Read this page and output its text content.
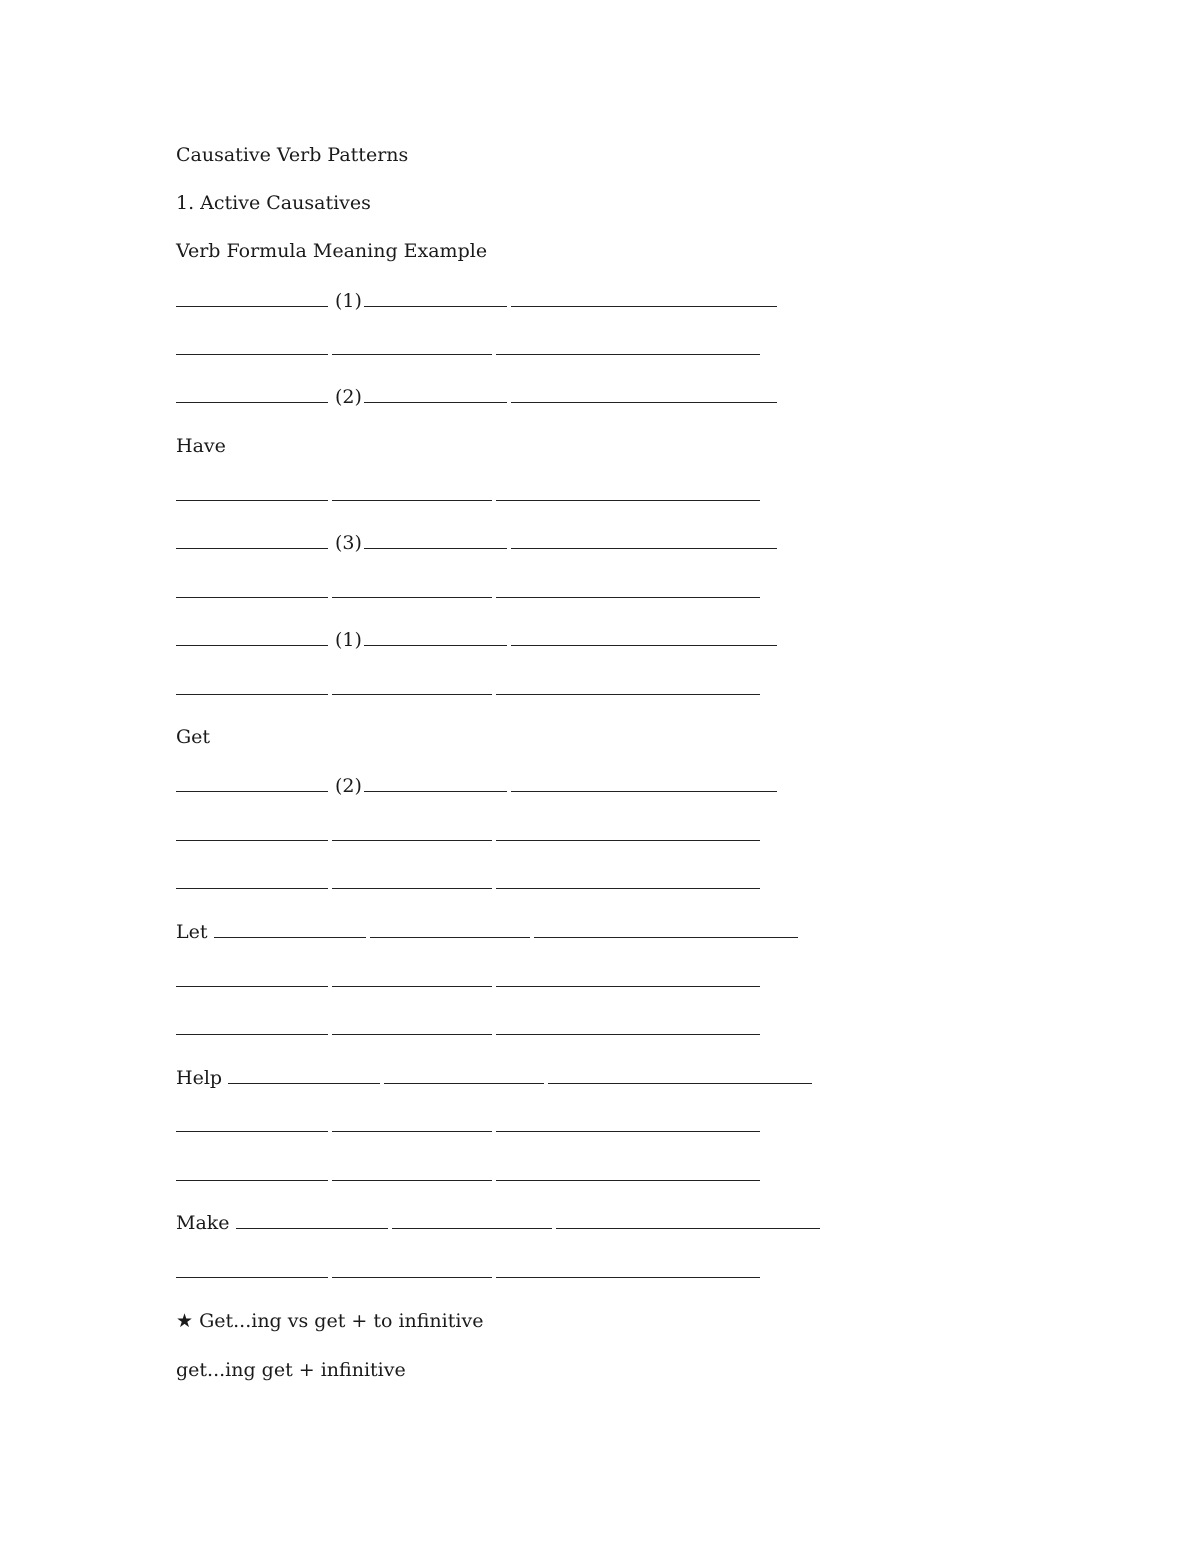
Causative Verb Patterns
1. Active Causatives
Verb Formula Meaning Example
(1)
(2)
Have
(3)
(1)
Get
(2)
Let
Help
Make
★ Get...ing vs get + to infinitive
get...ing get + infinitive
